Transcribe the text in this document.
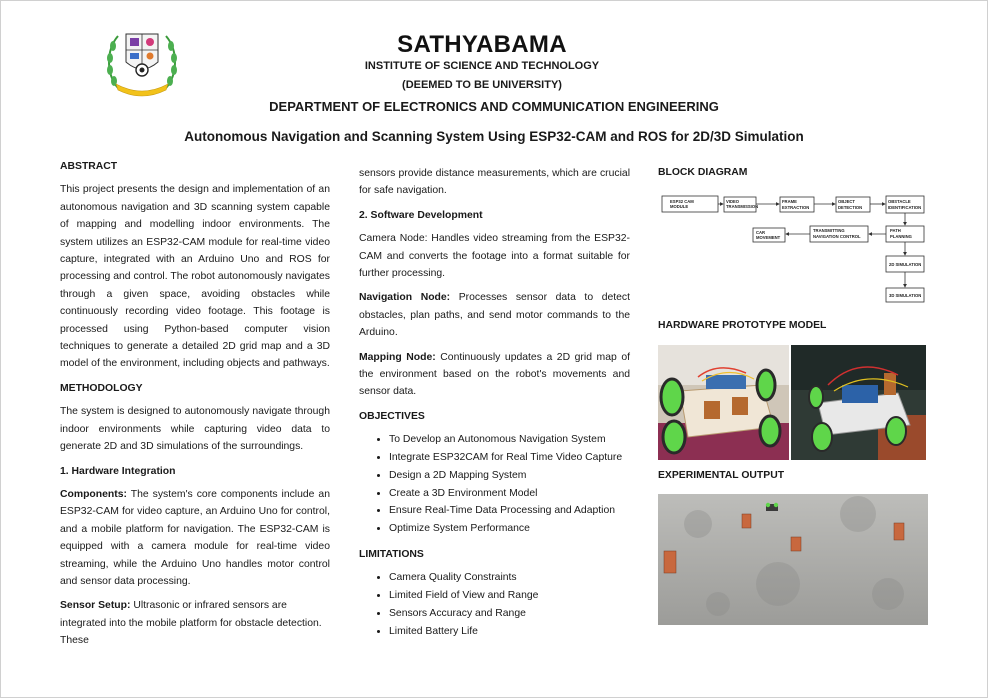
SATHYABAMA
INSTITUTE OF SCIENCE AND TECHNOLOGY
(DEEMED TO BE UNIVERSITY)
DEPARTMENT OF ELECTRONICS AND COMMUNICATION ENGINEERING
Autonomous Navigation and Scanning System Using ESP32-CAM and ROS for 2D/3D Simulation
ABSTRACT

This project presents the design and implementation of an autonomous navigation and 3D scanning system capable of mapping and modelling indoor environments. The system utilizes an ESP32-CAM module for real-time video capture, integrated with an Arduino Uno and ROS for processing and control. The robot autonomously navigates through a given space, avoiding obstacles while continuously recording video footage. This footage is processed using Python-based computer vision techniques to generate a detailed 2D grid map and a 3D model of the environment, including objects and pathways.

METHODOLOGY

The system is designed to autonomously navigate through indoor environments while capturing video data to generate 2D and 3D simulations of the surroundings.

1. Hardware Integration

Components: The system's core components include an ESP32-CAM for video capture, an Arduino Uno for control, and a mobile platform for navigation. The ESP32-CAM is equipped with a camera module for real-time video streaming, while the Arduino Uno handles motor control and sensor data processing.

Sensor Setup: Ultrasonic or infrared sensors are integrated into the mobile platform for obstacle detection. These

sensors provide distance measurements, which are crucial for safe navigation.

2. Software Development

Camera Node: Handles video streaming from the ESP32-CAM and converts the footage into a format suitable for further processing.

Navigation Node: Processes sensor data to detect obstacles, plan paths, and send motor commands to the Arduino.

Mapping Node: Continuously updates a 2D grid map of the environment based on the robot's movements and sensor data.

OBJECTIVES
• To Develop an Autonomous Navigation System
• Integrate ESP32CAM for Real Time Video Capture
• Design a 2D Mapping System
• Create a 3D Environment Model
• Ensure Real-Time Data Processing and Adaption
• Optimize System Performance
LIMITATIONS
• Camera Quality Constraints
• Limited Field of View and Range
• Sensors Accuracy and Range
• Limited Battery Life
BLOCK DIAGRAM
HARDWARE PROTOTYPE MODEL
EXPERIMENTAL OUTPUT
ESP32 CAM
MODULE
VIDEO
TRANSMISSION
FRAME
EXTRACTION
OBJECT
DETECTION
OBSTACLE
IDENTIFICATION
CAR
MOVEMENT
TRANSMITTING
NAVIGATION CONTROL
PATH
PLANNING
2D SIMULATION
3D SIMULATION
